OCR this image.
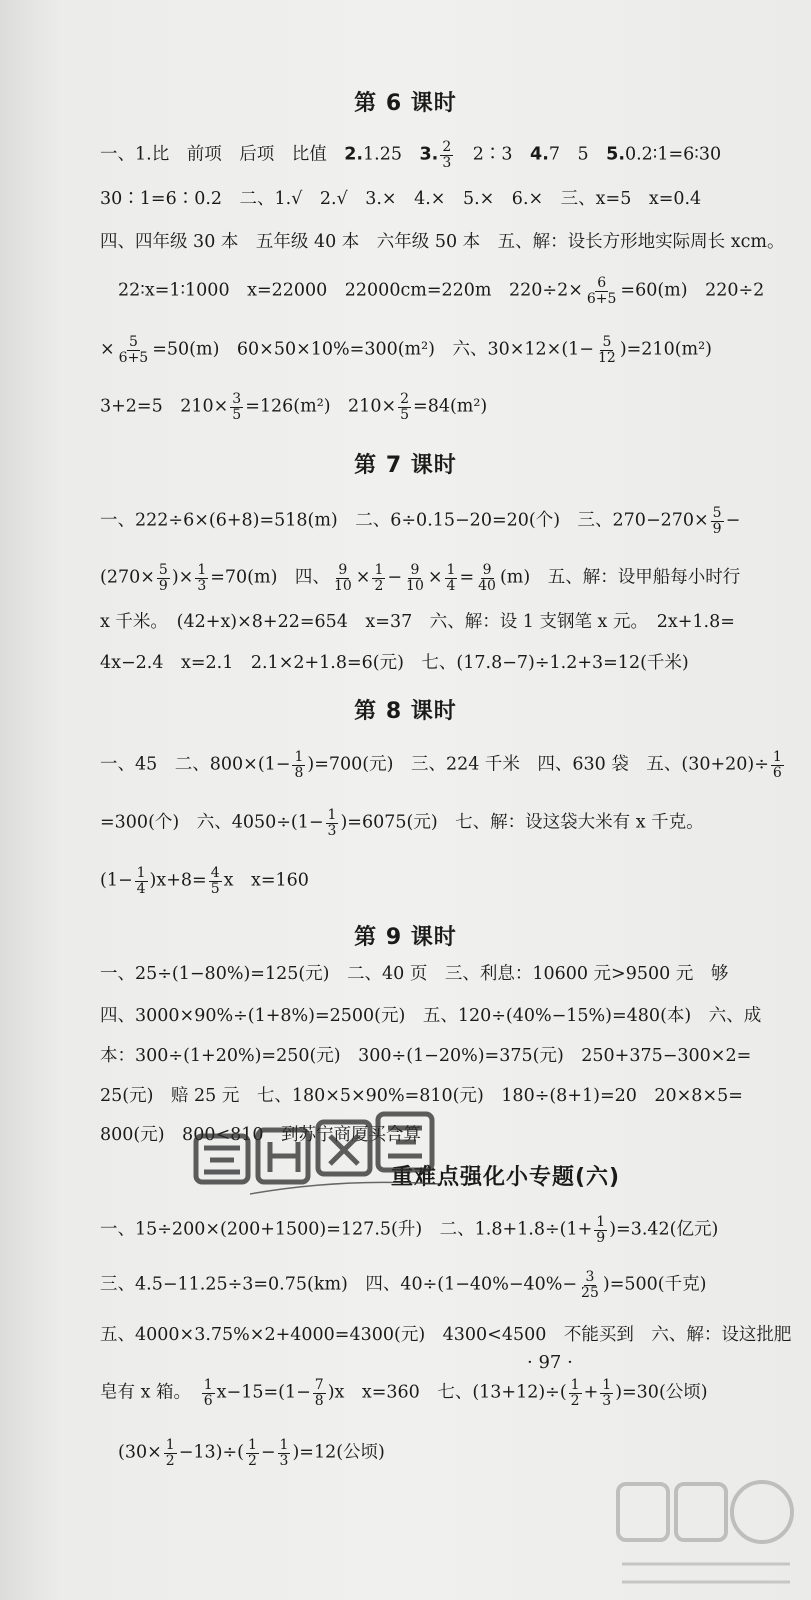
第 6 课时
一、1.比　前项　后项　比值　2.1.25　3. $\frac{2}{3}$ 　2∶3　4.7　5　5.0.2∶1=6∶30
30∶1=6∶0.2　二、1.√　2.√　3.×　4.×　5.×　6.×　三、x=5　x=0.4
四、四年级 30 本　五年级 40 本　六年级 50 本　五、解：设长方形地实际周长 xcm。
22∶x=1∶1000　x=22000　22000cm=220m　$220\div 2\times \frac{6}{6+5} =60(m)$　220÷2
× $\frac{5}{6+5} =50(m)$　60×50×10%=300(m²)　六、$30\times 12\times(1- \frac{5}{12} )=210(m^2)$
3+2=5　$210\times \frac{3}{5} =126(m^2)$　$210\times \frac{2}{5} =84(m^2)$
第 7 课时
一、222÷6×(6+8)=518(m)　二、6÷0.15−20=20(个)　三、$270-270\times \frac{5}{9}$ −
($270\times \frac{5}{9}$ )× $\frac{1}{3} =70(m)$　四、 $\frac{9}{10} \times \frac{1}{2} - \frac{9}{10} \times \frac{1}{4} = \frac{9}{40} (m)$　五、解：设甲船每小时行
x 千米。　(42+x)×8+22=654　x=37　六、解：设 1 支钢笔 x 元。　2x+1.8=
4x−2.4　x=2.1　2.1×2+1.8=6(元)　七、(17.8−7)÷1.2+3=12(千米)
第 8 课时
一、45　二、$800\times(1- \frac{1}{8} )=700$(元)　三、224 千米　四、630 袋　五、$(30+20)\div \frac{1}{6}$
=300(个)　六、$4050\div(1- \frac{1}{3} )=6075$(元)　七、解：设这袋大米有 x 千克。
$(1- \frac{1}{4} )x+8= \frac{4}{5}$ x　x=160
第 9 课时
一、25÷(1−80%)=125(元)　二、40 页　三、利息：10600 元>9500 元　够
四、3000×90%÷(1+8%)=2500(元)　五、120÷(40%−15%)=480(本)　六、成
本：300÷(1+20%)=250(元)　300÷(1−20%)=375(元)　250+375−300×2=
25(元)　赔 25 元　七、180×5×90%=810(元)　180÷(8+1)=20　20×8×5=
800(元)　800<810　到苏宁商厦买合算
重难点强化小专题(六)
一、15÷200×(200+1500)=127.5(升)　二、$1.8+1.8\div(1+ \frac{1}{9} )=3.42$(亿元)
三、4.5−11.25÷3=0.75(km)　四、$40\div(1-40\%-40\%- \frac{3}{25} )=500$(千克)
五、4000×3.75%×2+4000=4300(元)　4300<4500　不能买到　六、解：设这批肥
皂有 x 箱。　 $\frac{1}{6} x-15=(1- \frac{7}{8} )x$　x=360　七、$(13+12)\div( \frac{1}{2} + \frac{1}{3} )=30$(公顷)
$(30\times \frac{1}{2} -13)\div( \frac{1}{2} - \frac{1}{3} )=12$(公顷)
· 97 ·
